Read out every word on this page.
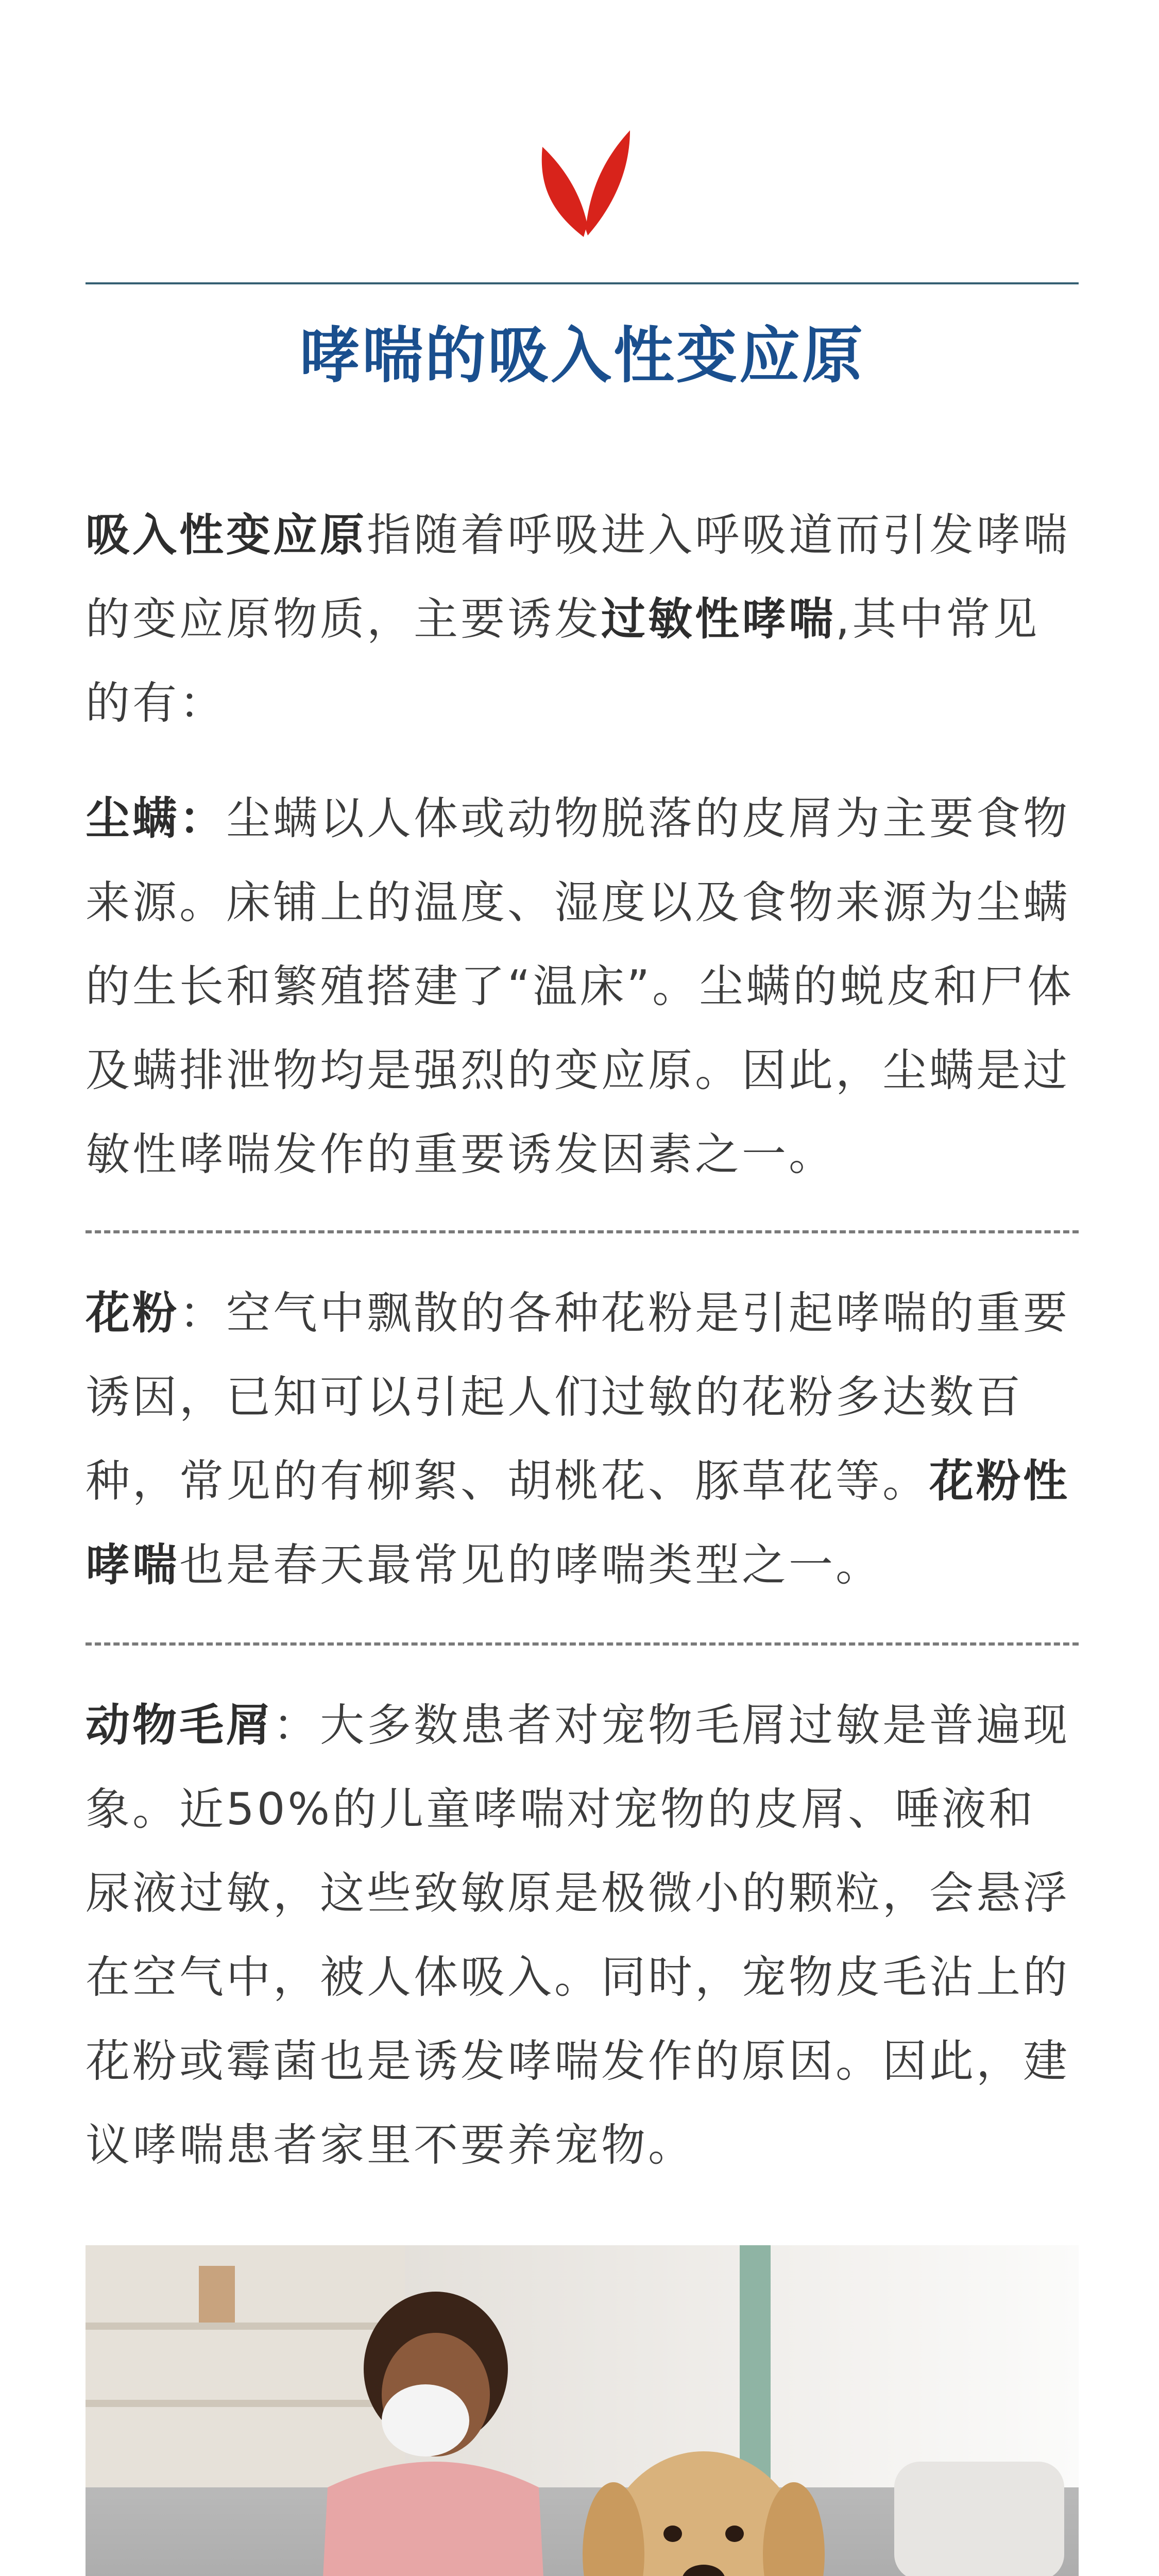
哮喘的吸入性变应原

吸入性变应原指随着呼吸进入呼吸道而引发哮喘的变应原物质，主要诱发过敏性哮喘,其中常见的有：

尘螨：尘螨以人体或动物脱落的皮屑为主要食物来源。床铺上的温度、湿度以及食物来源为尘螨的生长和繁殖搭建了“温床”。尘螨的蜕皮和尸体及螨排泄物均是强烈的变应原。因此，尘螨是过敏性哮喘发作的重要诱发因素之一。

花粉：空气中飘散的各种花粉是引起哮喘的重要诱因，已知可以引起人们过敏的花粉多达数百种，常见的有柳絮、胡桃花、豚草花等。花粉性哮喘也是春天最常见的哮喘类型之一。

动物毛屑：大多数患者对宠物毛屑过敏是普遍现象。近50%的儿童哮喘对宠物的皮屑、唾液和尿液过敏，这些致敏原是极微小的颗粒，会悬浮在空气中，被人体吸入。同时，宠物皮毛沾上的花粉或霉菌也是诱发哮喘发作的原因。因此，建议哮喘患者家里不要养宠物。
